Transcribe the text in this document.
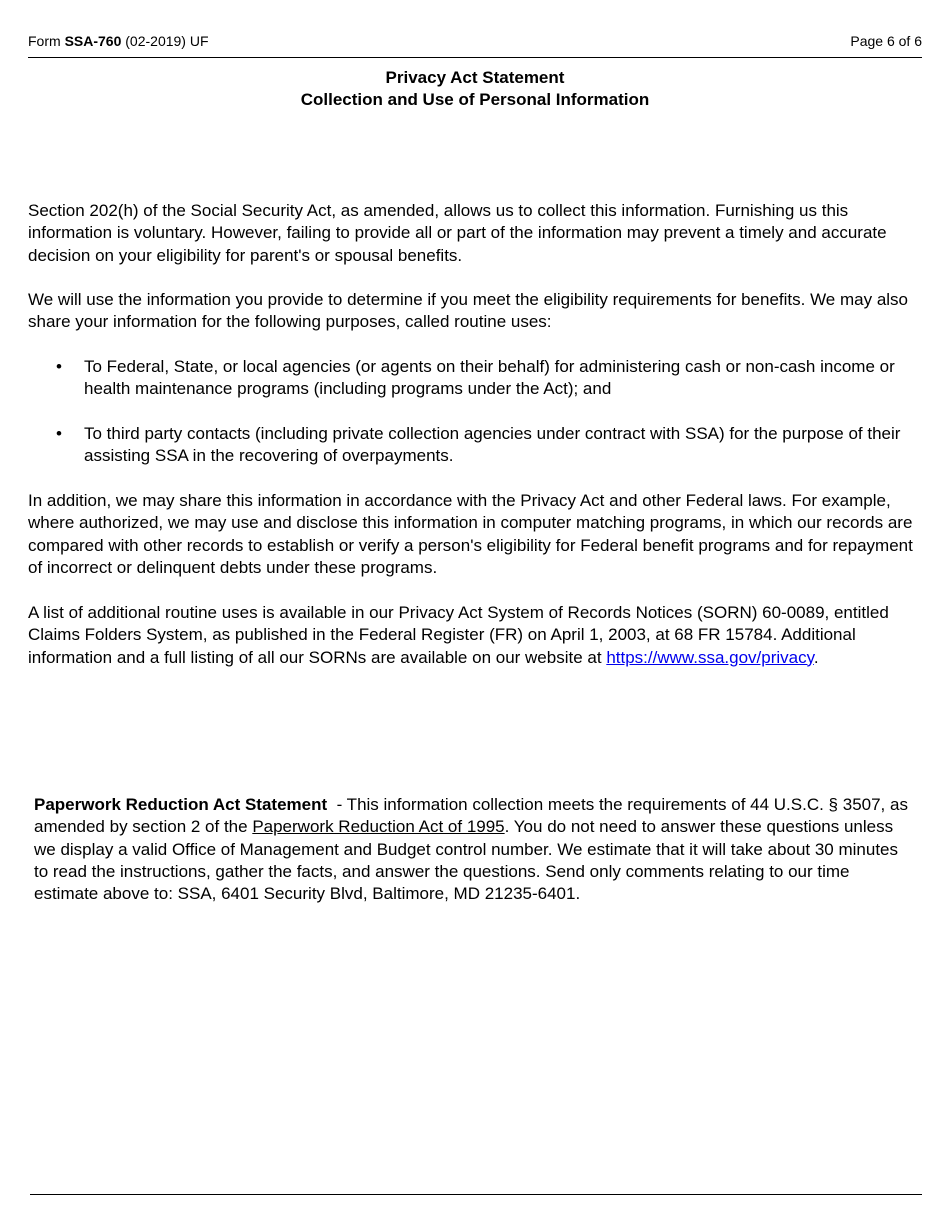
Form SSA-760 (02-2019) UF	Page 6 of 6
Privacy Act Statement
Collection and Use of Personal Information

Section 202(h) of the Social Security Act, as amended, allows us to collect this information. Furnishing us this information is voluntary. However, failing to provide all or part of the information may prevent a timely and accurate decision on your eligibility for parent's or spousal benefits.

We will use the information you provide to determine if you meet the eligibility requirements for benefits. We may also share your information for the following purposes, called routine uses:

• To Federal, State, or local agencies (or agents on their behalf) for administering cash or non-cash income or health maintenance programs (including programs under the Act); and
• To third party contacts (including private collection agencies under contract with SSA) for the purpose of their assisting SSA in the recovering of overpayments.

In addition, we may share this information in accordance with the Privacy Act and other Federal laws. For example, where authorized, we may use and disclose this information in computer matching programs, in which our records are compared with other records to establish or verify a person's eligibility for Federal benefit programs and for repayment of incorrect or delinquent debts under these programs.

A list of additional routine uses is available in our Privacy Act System of Records Notices (SORN) 60-0089, entitled Claims Folders System, as published in the Federal Register (FR) on April 1, 2003, at 68 FR 15784. Additional information and a full listing of all our SORNs are available on our website at https://www.ssa.gov/privacy.

Paperwork Reduction Act Statement  - This information collection meets the requirements of 44 U.S.C. § 3507, as amended by section 2 of the Paperwork Reduction Act of 1995. You do not need to answer these questions unless we display a valid Office of Management and Budget control number. We estimate that it will take about 30 minutes to read the instructions, gather the facts, and answer the questions. Send only comments relating to our time estimate above to: SSA, 6401 Security Blvd, Baltimore, MD 21235-6401.
